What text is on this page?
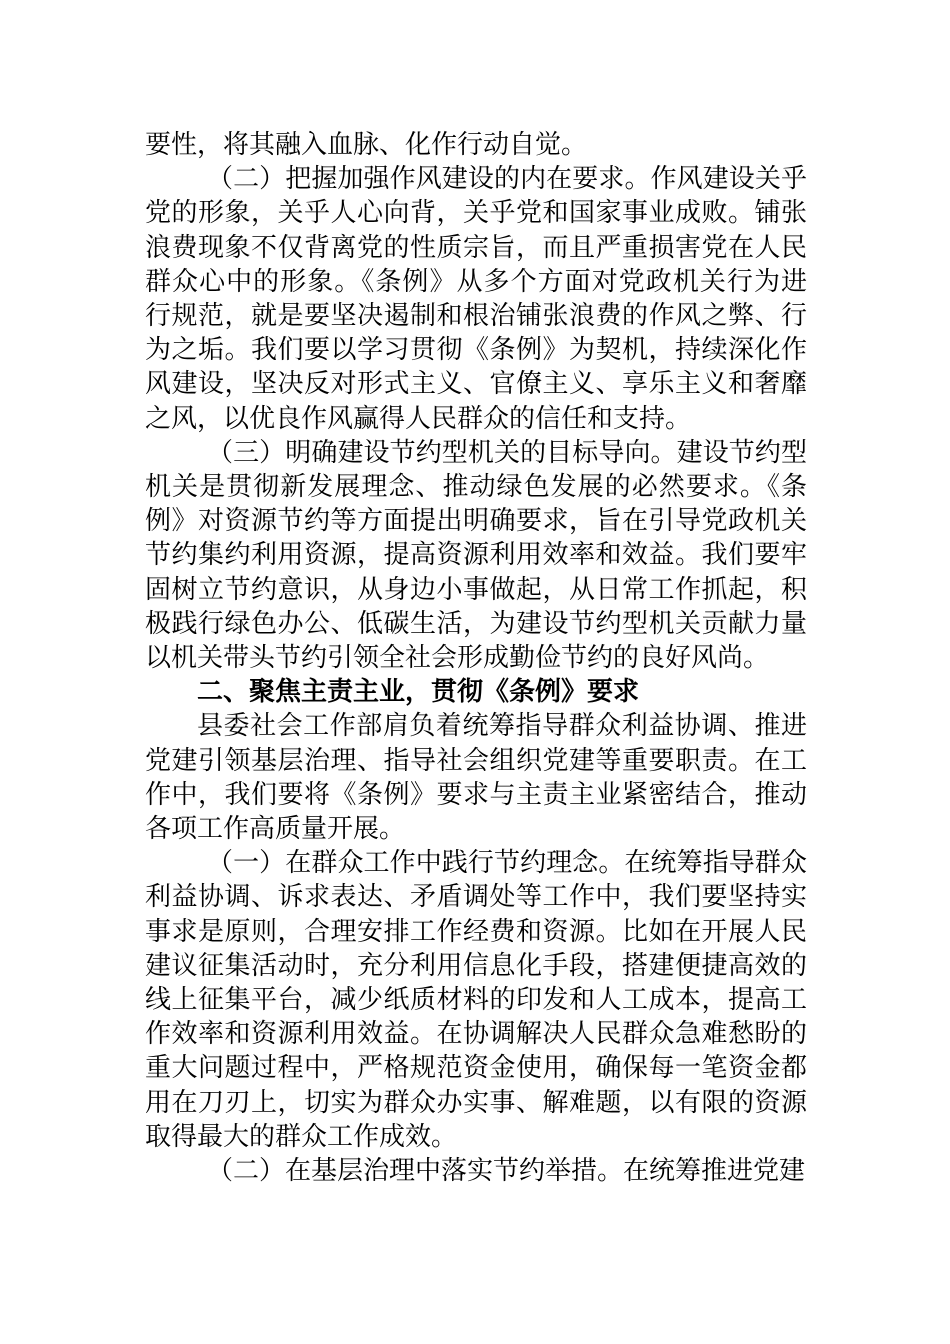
要性，将其融入血脉、化作行动自觉。

（二）把握加强作风建设的内在要求。作风建设关乎党的形象，关乎人心向背，关乎党和国家事业成败。铺张浪费现象不仅背离党的性质宗旨，而且严重损害党在人民群众心中的形象。《条例》从多个方面对党政机关行为进行规范，就是要坚决遏制和根治铺张浪费的作风之弊、行为之垢。我们要以学习贯彻《条例》为契机，持续深化作风建设，坚决反对形式主义、官僚主义、享乐主义和奢靡之风，以优良作风赢得人民群众的信任和支持。

（三）明确建设节约型机关的目标导向。建设节约型机关是贯彻新发展理念、推动绿色发展的必然要求。《条例》对资源节约等方面提出明确要求，旨在引导党政机关节约集约利用资源，提高资源利用效率和效益。我们要牢固树立节约意识，从身边小事做起，从日常工作抓起，积极践行绿色办公、低碳生活，为建设节约型机关贡献力量以机关带头节约引领全社会形成勤俭节约的良好风尚。

二、聚焦主责主业，贯彻《条例》要求

县委社会工作部肩负着统筹指导群众利益协调、推进党建引领基层治理、指导社会组织党建等重要职责。在工作中，我们要将《条例》要求与主责主业紧密结合，推动各项工作高质量开展。

（一）在群众工作中践行节约理念。在统筹指导群众利益协调、诉求表达、矛盾调处等工作中，我们要坚持实事求是原则，合理安排工作经费和资源。比如在开展人民建议征集活动时，充分利用信息化手段，搭建便捷高效的线上征集平台，减少纸质材料的印发和人工成本，提高工作效率和资源利用效益。在协调解决人民群众急难愁盼的重大问题过程中，严格规范资金使用，确保每一笔资金都用在刀刃上，切实为群众办实事、解难题，以有限的资源取得最大的群众工作成效。

（二）在基层治理中落实节约举措。在统筹推进党建
